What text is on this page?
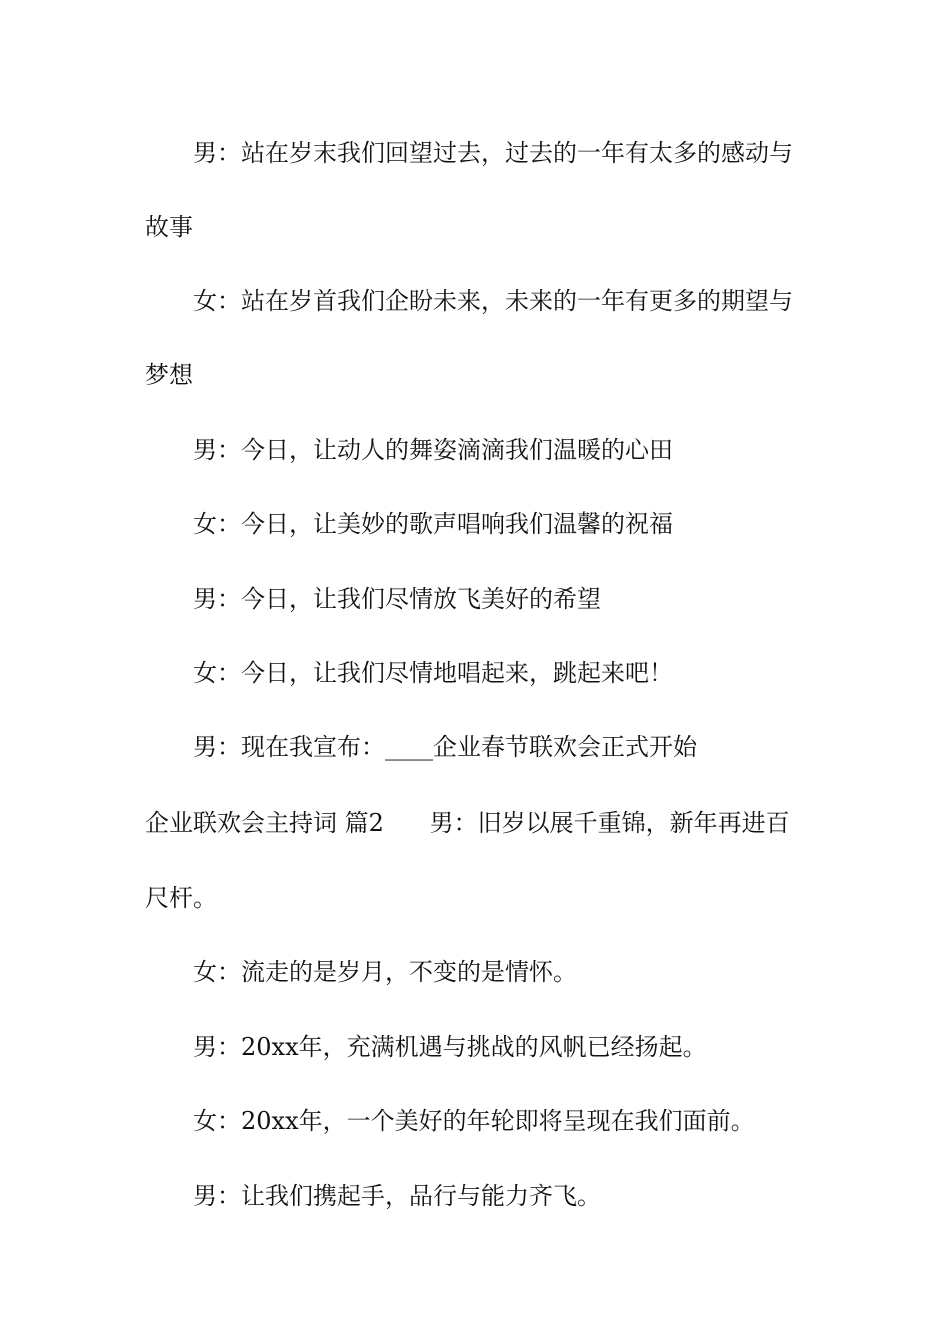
男：站在岁末我们回望过去，过去的一年有太多的感动与

故事

女：站在岁首我们企盼未来，未来的一年有更多的期望与

梦想

男：今日，让动人的舞姿滴滴我们温暖的心田

女：今日，让美妙的歌声唱响我们温馨的祝福

男：今日，让我们尽情放飞美好的希望

女：今日，让我们尽情地唱起来，跳起来吧！

男：现在我宣布：____企业春节联欢会正式开始

企业联欢会主持词 篇2      男：旧岁以展千重锦，新年再进百

尺杆。

女：流走的是岁月，不变的是情怀。

男：20xx年，充满机遇与挑战的风帆已经扬起。

女：20xx年，一个美好的年轮即将呈现在我们面前。

男：让我们携起手，品行与能力齐飞。
